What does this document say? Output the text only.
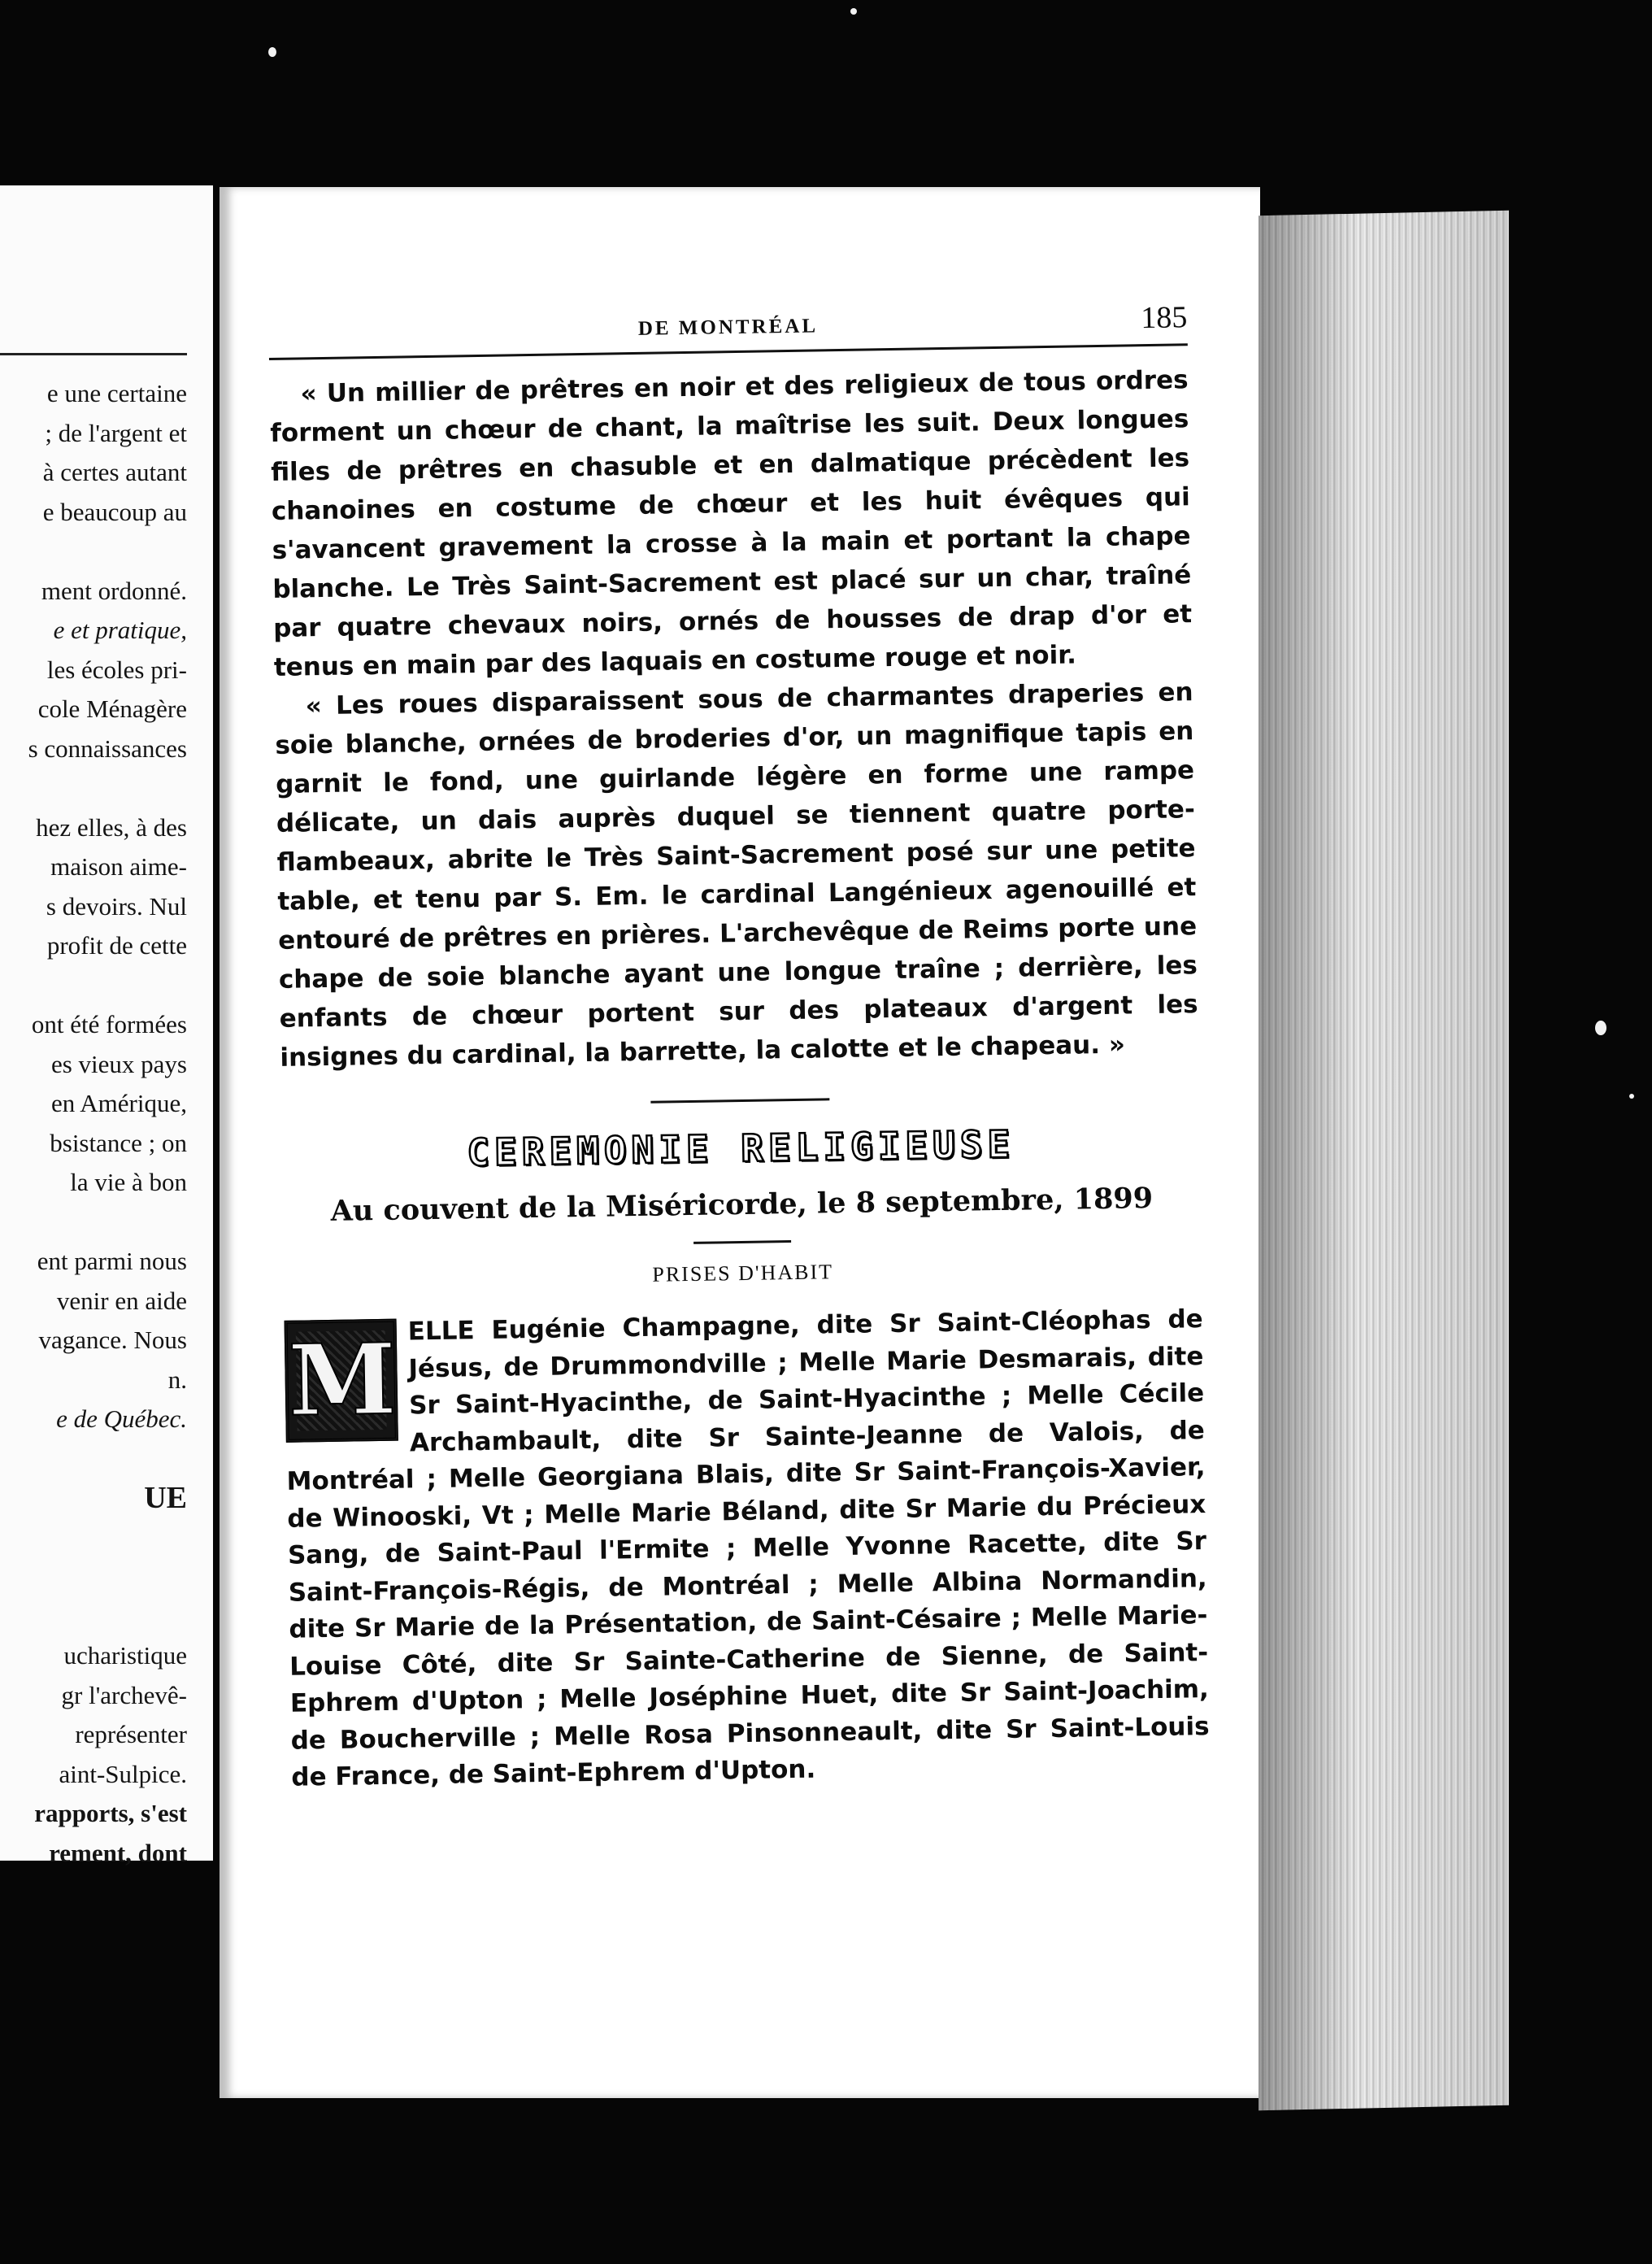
e une certaine
; de l'argent et
à certes autant
e beaucoup au
ment ordonné.
e et pratique,
les écoles pri-
cole Ménagère
s connaissances
hez elles, à des
maison aime-
s devoirs. Nul
profit de cette
ont été formées
es vieux pays
en Amérique,
bsistance ; on
la vie à bon
ent parmi nous
venir en aide
vagance. Nous
n.
e de Québec.
UE
ucharistique
gr l'archevê-
représenter
aint-Sulpice.
rapports, s'est
rement, dont
DE MONTRÉAL	185

« Un millier de prêtres en noir et des religieux de tous ordres forment un chœur de chant, la maîtrise les suit. Deux longues files de prêtres en chasuble et en dalmatique précèdent les chanoines en costume de chœur et les huit évêques qui s'avancent gravement la crosse à la main et portant la chape blanche. Le Très Saint-Sacrement est placé sur un char, traîné par quatre chevaux noirs, ornés de housses de drap d'or et tenus en main par des laquais en costume rouge et noir.

« Les roues disparaissent sous de charmantes draperies en soie blanche, ornées de broderies d'or, un magnifique tapis en garnit le fond, une guirlande légère en forme une rampe délicate, un dais auprès duquel se tiennent quatre porte-flambeaux, abrite le Très Saint-Sacrement posé sur une petite table, et tenu par S. Em. le cardinal Langénieux agenouillé et entouré de prêtres en prières. L'archevêque de Reims porte une chape de soie blanche ayant une longue traîne ; derrière, les enfants de chœur portent sur des plateaux d'argent les insignes du cardinal, la barrette, la calotte et le chapeau. »

CEREMONIE RELIGIEUSE
Au couvent de la Miséricorde, le 8 septembre, 1899
PRISES D'HABIT
M ELLE Eugénie Champagne, dite Sr Saint-Cléophas de Jésus, de Drummondville ; Melle Marie Desmarais, dite Sr Saint-Hyacinthe, de Saint-Hyacinthe ; Melle Cécile Archambault, dite Sr Sainte-Jeanne de Valois, de Montréal ; Melle Georgiana Blais, dite Sr Saint-François-Xavier, de Winooski, Vt ; Melle Marie Béland, dite Sr Marie du Précieux Sang, de Saint-Paul l'Ermite ; Melle Yvonne Racette, dite Sr Saint-François-Régis, de Montréal ; Melle Albina Normandin, dite Sr Marie de la Présentation, de Saint-Césaire ; Melle Marie-Louise Côté, dite Sr Sainte-Catherine de Sienne, de Saint-Ephrem d'Upton ; Melle Joséphine Huet, dite Sr Saint-Joachim, de Boucherville ; Melle Rosa Pinsonneault, dite Sr Saint-Louis de France, de Saint-Ephrem d'Upton.
